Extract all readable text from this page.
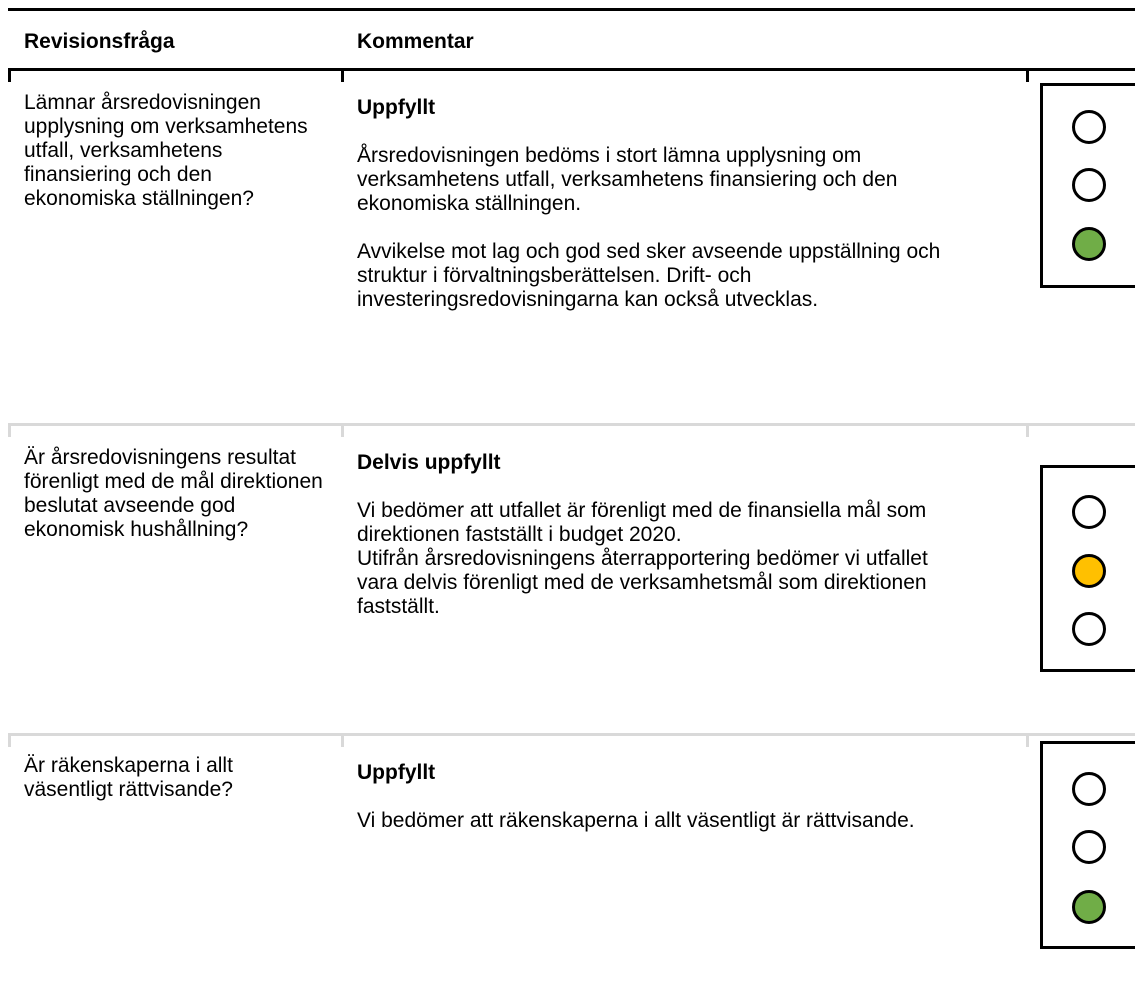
Revisionsfråga	Kommentar
Lämnar årsredovisningen upplysning om verksamhetens utfall, verksamhetens finansiering och den ekonomiska ställningen?
Uppfyllt

Årsredovisningen bedöms i stort lämna upplysning om verksamhetens utfall, verksamhetens finansiering och den ekonomiska ställningen.

Avvikelse mot lag och god sed sker avseende uppställning och struktur i förvaltningsberättelsen. Drift- och investeringsredovisningarna kan också utvecklas.

Är årsredovisningens resultat förenligt med de mål direktionen beslutat avseende god ekonomisk hushållning?
Delvis uppfyllt

Vi bedömer att utfallet är förenligt med de finansiella mål som direktionen fastställt i budget 2020.

Utifrån årsredovisningens återrapportering bedömer vi utfallet vara delvis förenligt med de verksamhetsmål som direktionen fastställt.

Är räkenskaperna i allt väsentligt rättvisande?
Uppfyllt

Vi bedömer att räkenskaperna i allt väsentligt är rättvisande.
